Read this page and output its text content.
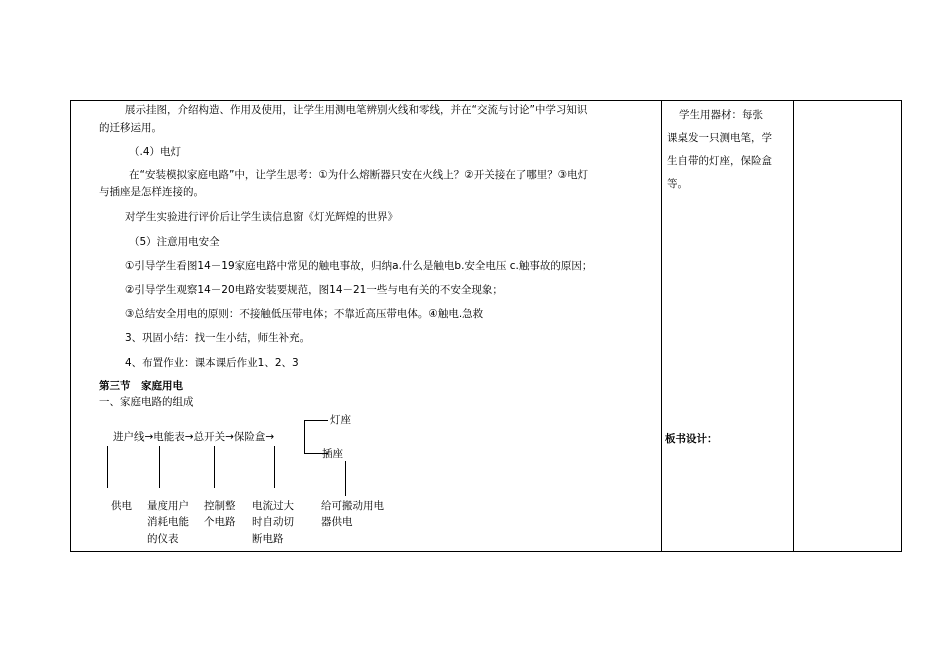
展示挂图，介绍构造、作用及使用，让学生用测电笔辨别火线和零线，并在“交流与讨论”中学习知识
的迁移运用。
（.4）电灯
在“安装模拟家庭电路”中，让学生思考：①为什么熔断器只安在火线上？②开关接在了哪里？③电灯
与插座是怎样连接的。
对学生实验进行评价后让学生读信息窗《灯光辉煌的世界》
（5）注意用电安全
①引导学生看图14－19家庭电路中常见的触电事故，归纳a.什么是触电b.安全电压 c.触事故的原因；
②引导学生观察14－20电路安装要规范，图14－21一些与电有关的不安全现象；
③总结安全用电的原则：不接触低压带电体；不靠近高压带电体。④触电.急救
3、巩固小结：找一生小结，师生补充。
4、布置作业：课本课后作业1、2、3
第三节　家庭用电
一、家庭电路的组成
进户线→电能表→总开关→保险盒→
灯座
插座
供电 量度用户
消耗电能
的仪表
控制整
个电路
电流过大
时自动切
断电路
给可搬动用电
器供电
学生用器材：每张
课桌发一只测电笔，学
生自带的灯座，保险盒
等。
板书设计：
